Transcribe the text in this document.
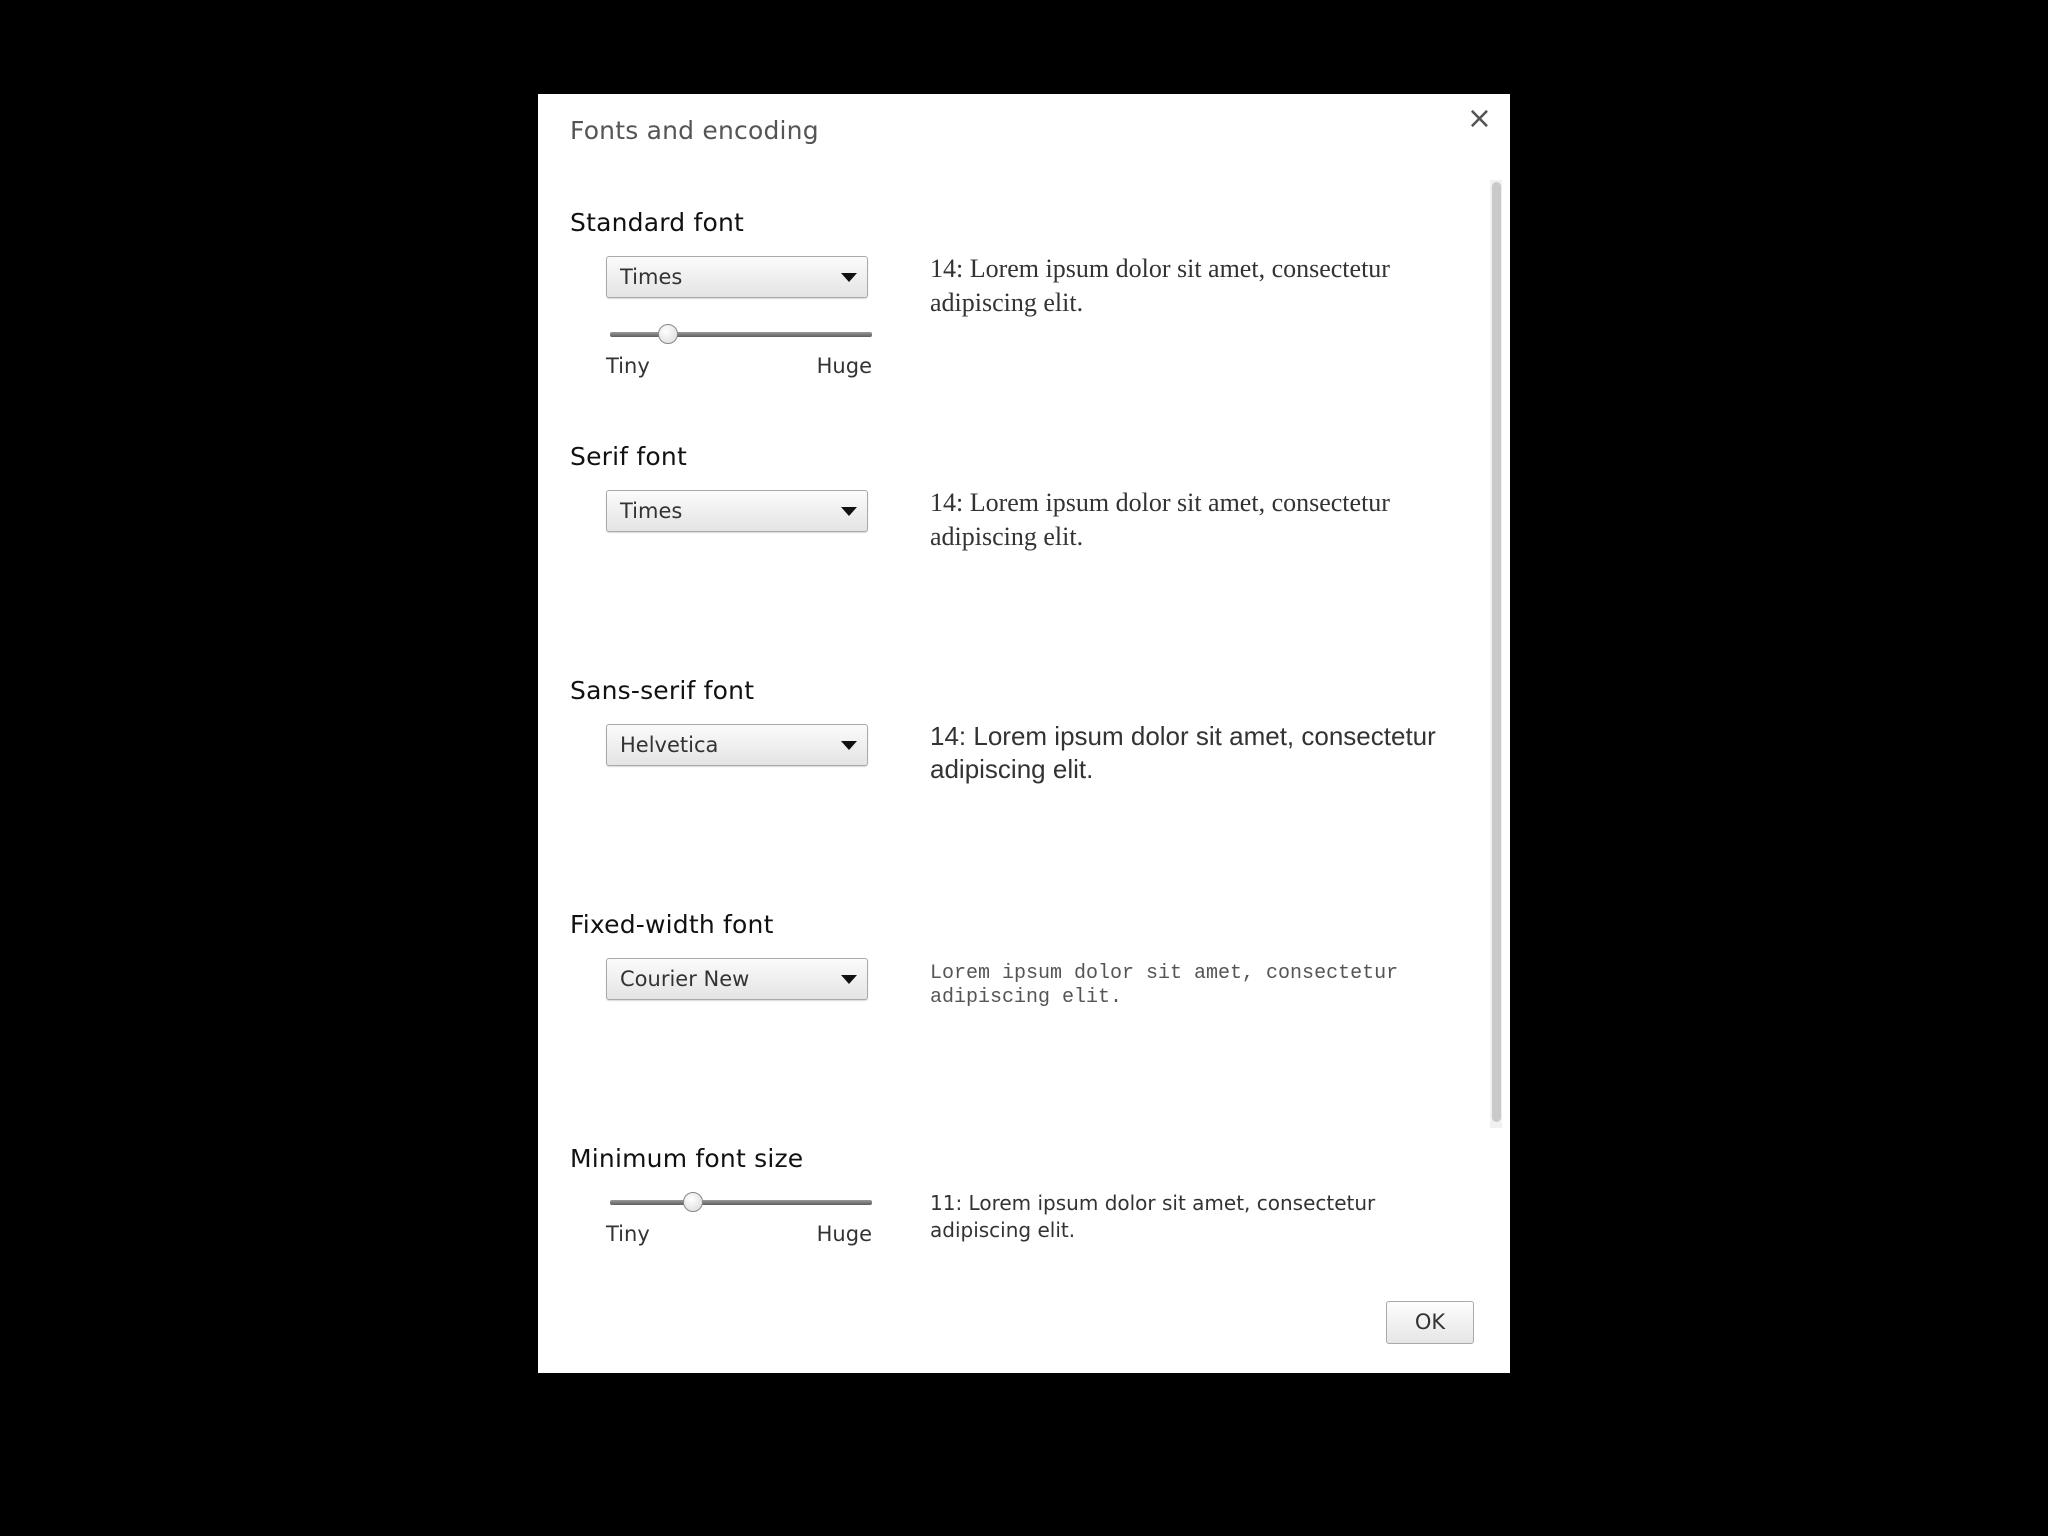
Fonts and encoding	×
Standard font
Times
Tiny	Huge
14: Lorem ipsum dolor sit amet, consectetur adipiscing elit.
Serif font
Times	14: Lorem ipsum dolor sit amet, consectetur adipiscing elit.
Sans-serif font
Helvetica	14: Lorem ipsum dolor sit amet, consectetur adipiscing elit.
Fixed-width font
Courier New	Lorem ipsum dolor sit amet, consectetur adipiscing elit.
Minimum font size
Tiny	Huge
11: Lorem ipsum dolor sit amet, consectetur adipiscing elit.
OK
